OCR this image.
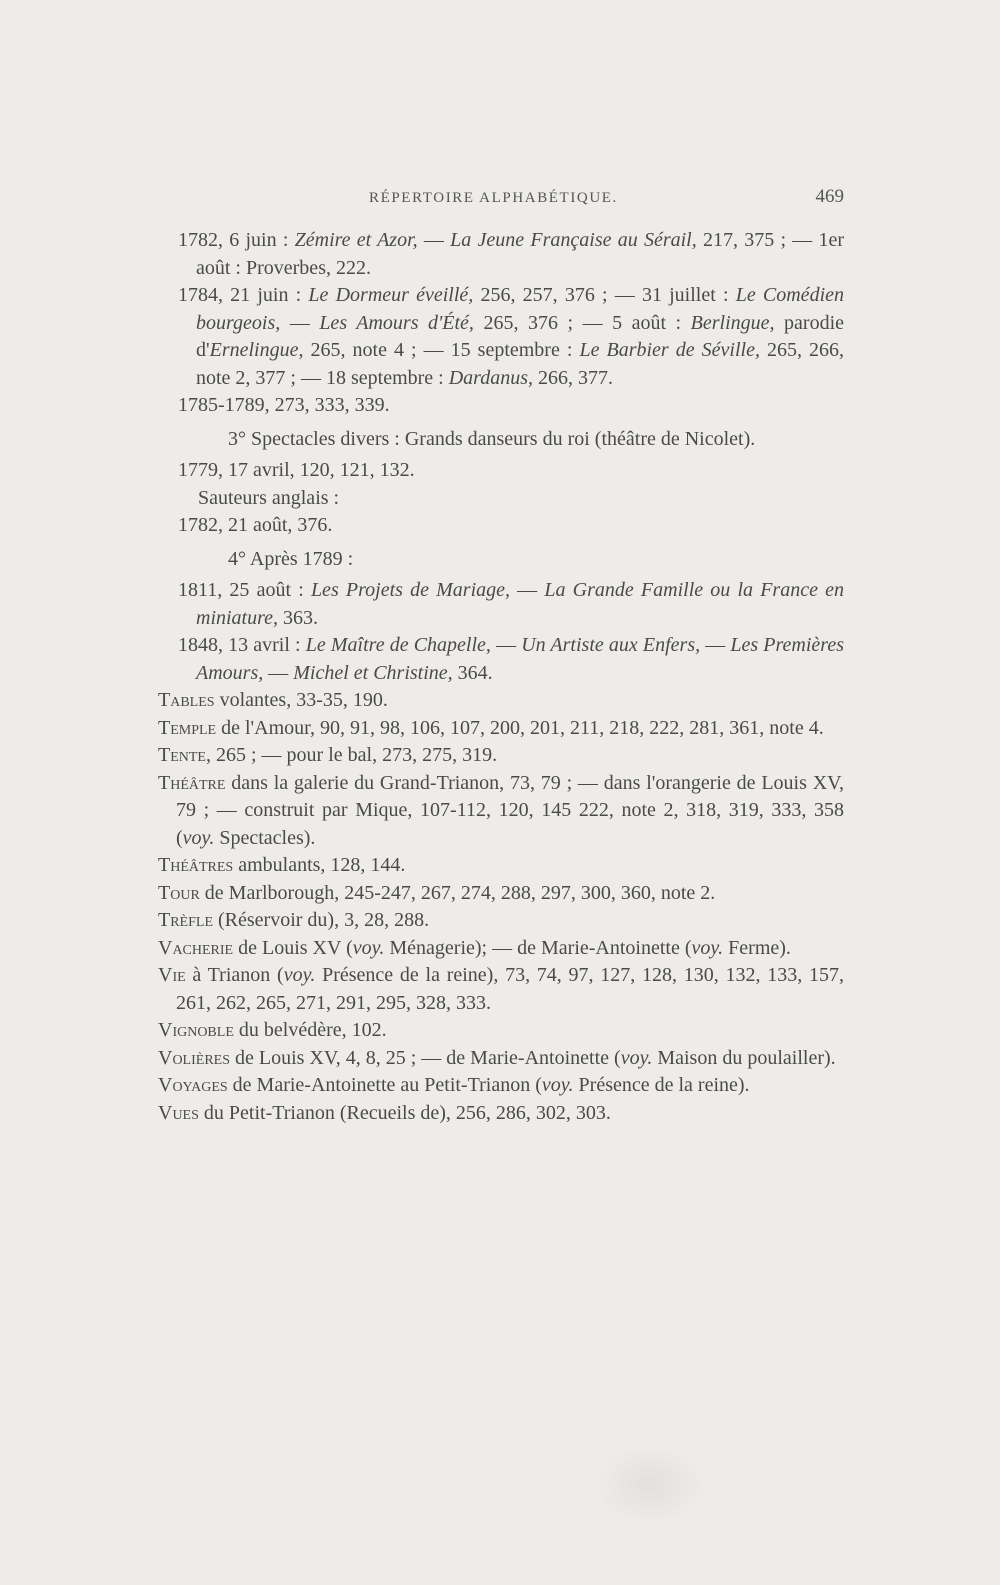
RÉPERTOIRE ALPHABÉTIQUE.	469

1782, 6 juin : Zémire et Azor, — La Jeune Française au Sérail, 217, 375 ; — 1er août : Proverbes, 222.

1784, 21 juin : Le Dormeur éveillé, 256, 257, 376 ; — 31 juillet : Le Comédien bourgeois, — Les Amours d'Été, 265, 376 ; — 5 août : Berlingue, parodie d'Ernelingue, 265, note 4 ; — 15 septembre : Le Barbier de Séville, 265, 266, note 2, 377 ; — 18 septembre : Dardanus, 266, 377.

1785-1789, 273, 333, 339.

3° Spectacles divers : Grands danseurs du roi (théâtre de Nicolet).

1779, 17 avril, 120, 121, 132.

Sauteurs anglais :

1782, 21 août, 376.

4° Après 1789 :

1811, 25 août : Les Projets de Mariage, — La Grande Famille ou la France en miniature, 363.

1848, 13 avril : Le Maître de Chapelle, — Un Artiste aux Enfers, — Les Premières Amours, — Michel et Christine, 364.

Tables volantes, 33-35, 190.

Temple de l'Amour, 90, 91, 98, 106, 107, 200, 201, 211, 218, 222, 281, 361, note 4.

Tente, 265 ; — pour le bal, 273, 275, 319.

Théâtre dans la galerie du Grand-Trianon, 73, 79 ; — dans l'orangerie de Louis XV, 79 ; — construit par Mique, 107-112, 120, 145 222, note 2, 318, 319, 333, 358 (voy. Spectacles).

Théâtres ambulants, 128, 144.

Tour de Marlborough, 245-247, 267, 274, 288, 297, 300, 360, note 2.

Trèfle (Réservoir du), 3, 28, 288.

Vacherie de Louis XV (voy. Ménagerie); — de Marie-Antoinette (voy. Ferme).

Vie à Trianon (voy. Présence de la reine), 73, 74, 97, 127, 128, 130, 132, 133, 157, 261, 262, 265, 271, 291, 295, 328, 333.

Vignoble du belvédère, 102.

Volières de Louis XV, 4, 8, 25 ; — de Marie-Antoinette (voy. Maison du poulailler).

Voyages de Marie-Antoinette au Petit-Trianon (voy. Présence de la reine).

Vues du Petit-Trianon (Recueils de), 256, 286, 302, 303.
